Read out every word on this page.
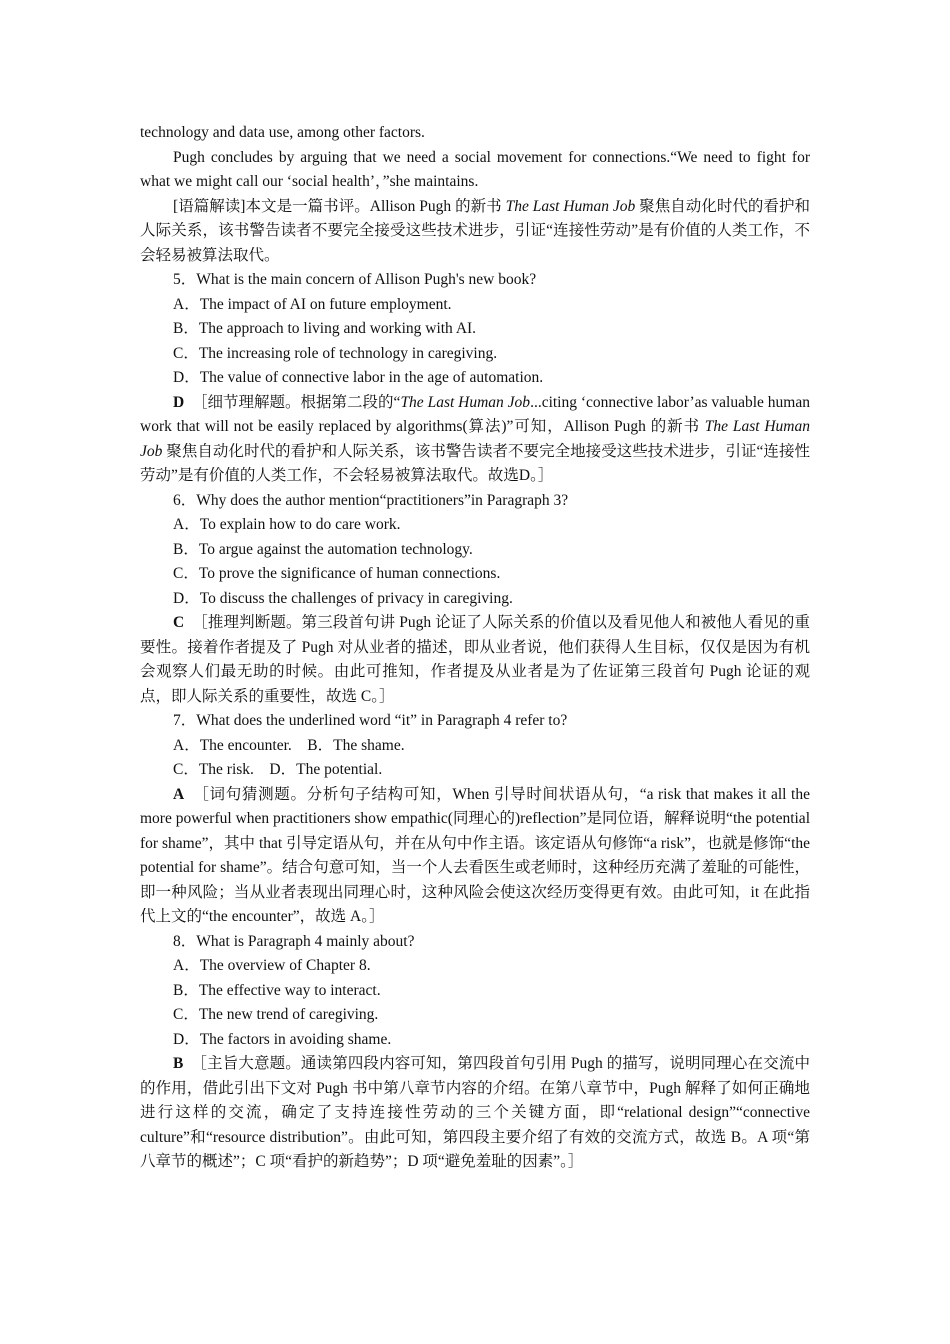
technology and data use, among other factors.

Pugh concludes by arguing that we need a social movement for connections.“We need to fight for what we might call our ‘social health’，”she maintains.

[语篇解读]本文是一篇书评。Allison Pugh 的新书 The Last Human Job 聚焦自动化时代的看护和人际关系，该书警告读者不要完全接受这些技术进步，引证“连接性劳动”是有价值的人类工作，不会轻易被算法取代。

5．What is the main concern of Allison Pugh's new book?

A．The impact of AI on future employment.

B．The approach to living and working with AI.

C．The increasing role of technology in caregiving.

D．The value of connective labor in the age of automation.

D　 ［细节理解题。根据第二段的“The Last Human Job...citing ‘connective labor’as valuable human work that will not be easily replaced by algorithms(算法)”可知，Allison Pugh 的新书 The Last Human Job 聚焦自动化时代的看护和人际关系，该书警告读者不要完全地接受这些技术进步，引证“连接性劳动”是有价值的人类工作，不会轻易被算法取代。故选D。］

6．Why does the author mention“practitioners”in Paragraph 3?

A．To explain how to do care work.

B．To argue against the automation technology.

C．To prove the significance of human connections.

D．To discuss the challenges of privacy in caregiving.

C　 ［推理判断题。第三段首句讲 Pugh 论证了人际关系的价值以及看见他人和被他人看见的重要性。接着作者提及了 Pugh 对从业者的描述，即从业者说，他们获得人生目标，仅仅是因为有机会观察人们最无助的时候。由此可推知，作者提及从业者是为了佐证第三段首句 Pugh 论证的观点，即人际关系的重要性，故选 C。］

7．What does the underlined word “it” in Paragraph 4 refer to?

A．The encounter.　B．The shame.

C．The risk.　D．The potential.

A　 ［词句猜测题。分析句子结构可知，When 引导时间状语从句，“a risk that makes it all the more powerful when practitioners show empathic(同理心的)reflection”是同位语，解释说明“the potential for shame”，其中 that 引导定语从句，并在从句中作主语。该定语从句修饰“a risk”，也就是修饰“the potential for shame”。结合句意可知，当一个人去看医生或老师时，这种经历充满了羞耻的可能性，即一种风险；当从业者表现出同理心时，这种风险会使这次经历变得更有效。由此可知，it 在此指代上文的“the encounter”，故选 A。］

8．What is Paragraph 4 mainly about?

A．The overview of Chapter 8.

B．The effective way to interact.

C．The new trend of caregiving.

D．The factors in avoiding shame.

B　 ［主旨大意题。通读第四段内容可知，第四段首句引用 Pugh 的描写，说明同理心在交流中的作用，借此引出下文对 Pugh 书中第八章节内容的介绍。在第八章节中，Pugh 解释了如何正确地进行这样的交流，确定了支持连接性劳动的三个关键方面，即“relational design”“connective culture”和“resource distribution”。由此可知，第四段主要介绍了有效的交流方式，故选 B。A 项“第八章节的概述”；C 项“看护的新趋势”；D 项“避免羞耻的因素”。］
